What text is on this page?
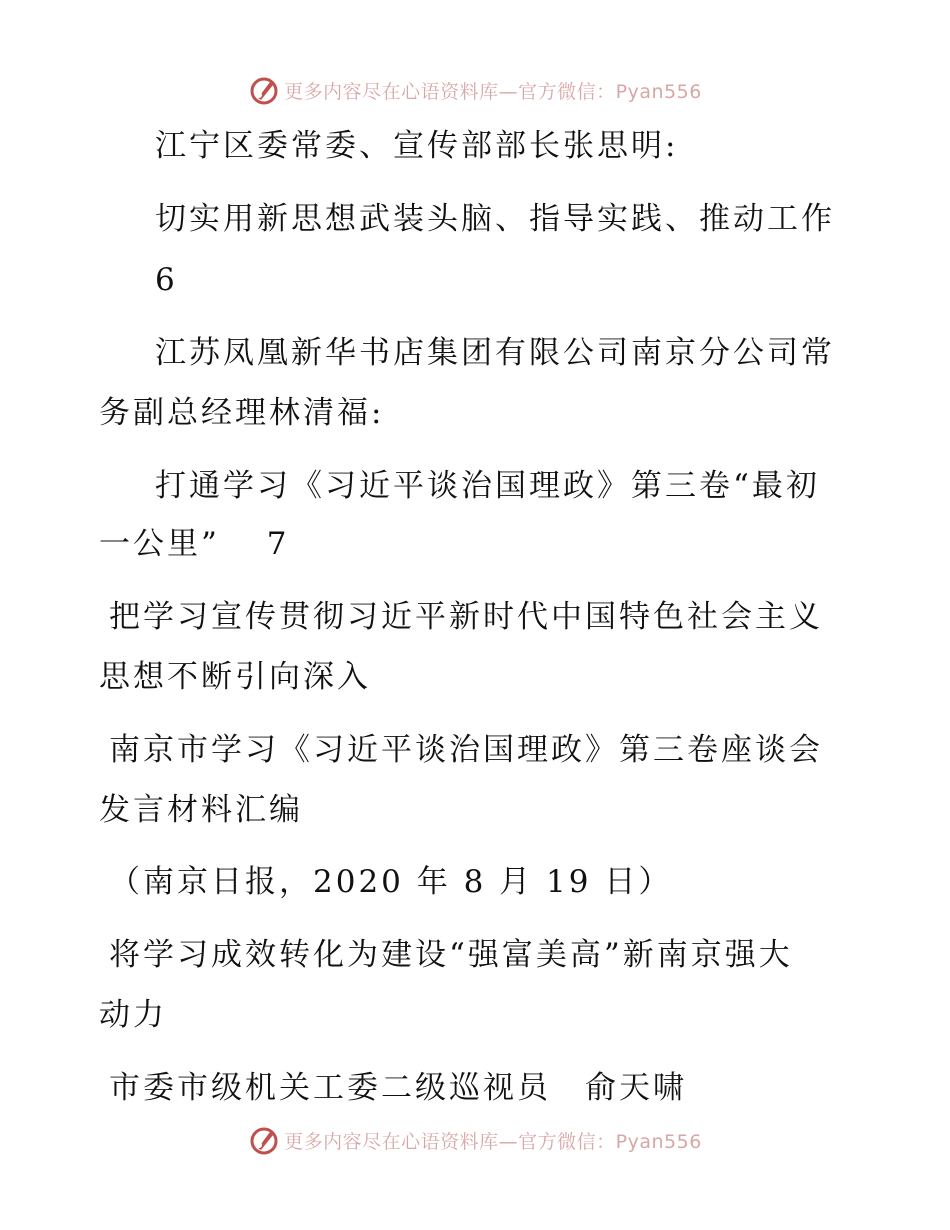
更多内容尽在心语资料库—官方微信：Pyan556
江宁区委常委、宣传部部长张思明:
切实用新思想武装头脑、指导实践、推动工作
6
江苏凤凰新华书店集团有限公司南京分公司常
务副总经理林清福:
打通学习《习近平谈治国理政》第三卷“最初
一公里”　 7
把学习宣传贯彻习近平新时代中国特色社会主义
思想不断引向深入
南京市学习《习近平谈治国理政》第三卷座谈会
发言材料汇编
（南京日报，2020 年 8 月 19 日）
将学习成效转化为建设“强富美高”新南京强大
动力
市委市级机关工委二级巡视员　俞天啸
更多内容尽在心语资料库—官方微信：Pyan556
